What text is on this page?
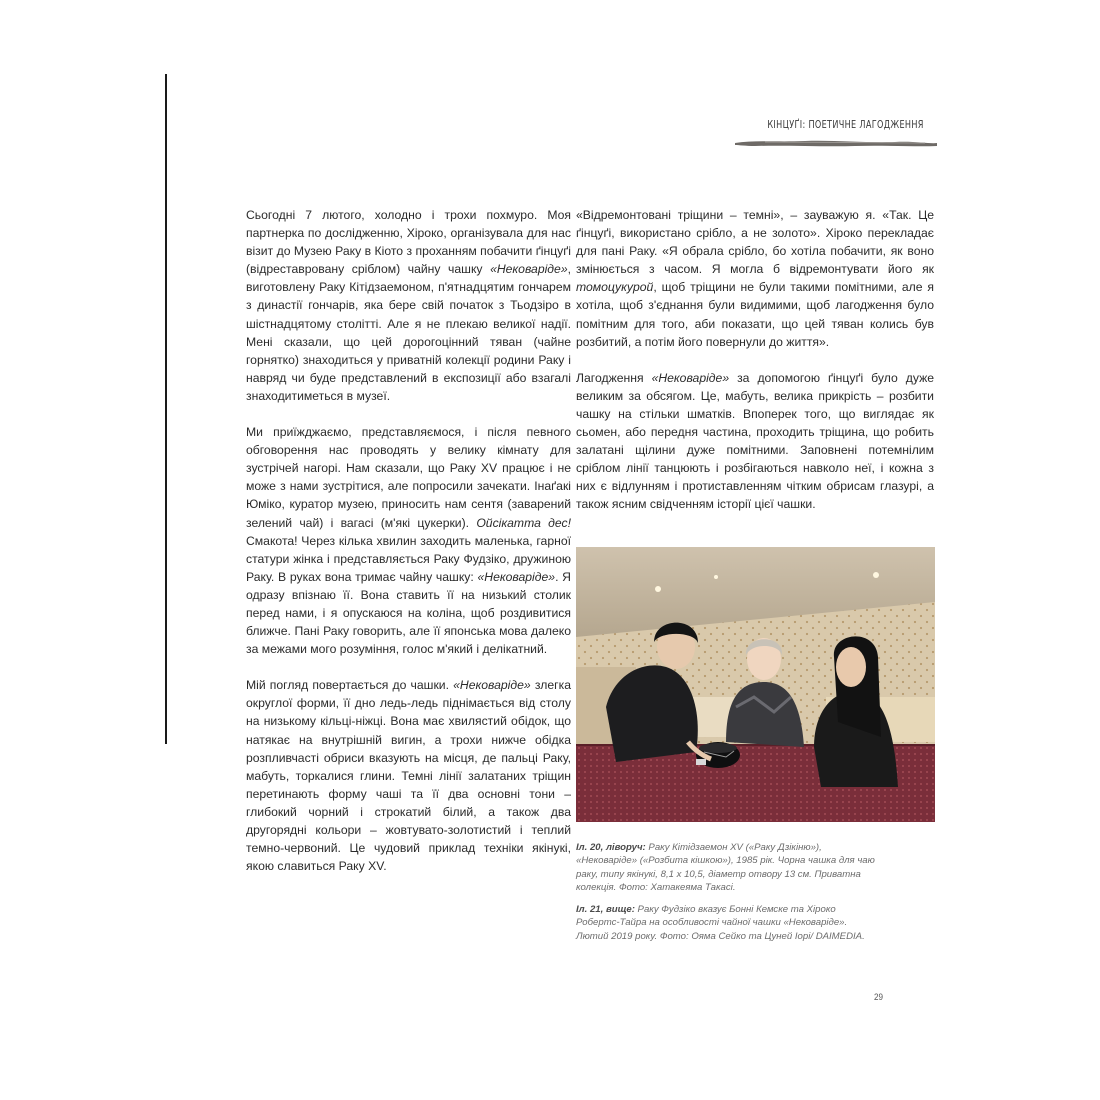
КІНЦУҐІ: ПОЕТИЧНЕ ЛАГОДЖЕННЯ

Сьогодні 7 лютого, холодно і трохи похмуро. Моя партнерка по дослідженню, Хіроко, організувала для нас візит до Музею Раку в Кіото з проханням побачити ґінцуґі (відреставровану сріблом) чайну чашку «Нековаріде», виготовлену Раку Кітідзаемоном, п'ятнадцятим гончарем з династії гончарів, яка бере свій початок з Тьодзіро в шістнадцятому столітті. Але я не плекаю великої надії. Мені сказали, що цей дорогоцінний тяван (чайне горнятко) знаходиться у приватній колекції родини Раку і навряд чи буде представлений в експозиції або взагалі знаходитиметься в музеї.

Ми приїжджаємо, представляємося, і після певного обговорення нас проводять у велику кімнату для зустрічей нагорі. Нам сказали, що Раку XV працює і не може з нами зустрітися, але попросили зачекати. Інаґакі Юміко, куратор музею, приносить нам сентя (заварений зелений чай) і вагасі (м'які цукерки). Ойсікатта дес! Смакота! Через кілька хвилин заходить маленька, гарної статури жінка і представляється Раку Фудзіко, дружиною Раку. В руках вона тримає чайну чашку: «Нековаріде». Я одразу впізнаю її. Вона ставить її на низький столик перед нами, і я опускаюся на коліна, щоб роздивитися ближче. Пані Раку говорить, але її японська мова далеко за межами мого розуміння, голос м'який і делікатний.

Мій погляд повертається до чашки. «Нековаріде» злегка округлої форми, її дно ледь-ледь піднімається від столу на низькому кільці-ніжці. Вона має хвилястий обідок, що натякає на внутрішній вигин, а трохи нижче обідка розпливчасті обриси вказують на місця, де пальці Раку, мабуть, торкалися глини. Темні лінії залатаних тріщин перетинають форму чаші та її два основні тони – глибокий чорний і строкатий білий, а також два другорядні кольори – жовтувато-золотистий і теплий темно-червоний. Це чудовий приклад техніки якінукі, якою славиться Раку XV.

«Відремонтовані тріщини – темні», – зауважую я. «Так. Це ґінцуґі, використано срібло, а не золото». Хіроко перекладає для пані Раку. «Я обрала срібло, бо хотіла побачити, як воно змінюється з часом. Я могла б відремонтувати його як томоцукурой, щоб тріщини не були такими помітними, але я хотіла, щоб з'єднання були видимими, щоб лагодження було помітним для того, аби показати, що цей тяван колись був розбитий, а потім його повернули до життя».

Лагодження «Нековаріде» за допомогою ґінцуґі було дуже великим за обсягом. Це, мабуть, велика прикрість – розбити чашку на стільки шматків. Впоперек того, що виглядає як сьомен, або передня частина, проходить тріщина, що робить залатані щілини дуже помітними. Заповнені потемнілим сріблом лінії танцюють і розбігаються навколо неї, і кожна з них є відлунням і протиставленням чітким обрисам глазурі, а також ясним свідченням історії цієї чашки.

Іл. 20, ліворуч: Раку Кітідзаемон XV («Раку Дзікіню»), «Нековаріде» («Розбита кішкою»), 1985 рік. Чорна чашка для чаю раку, типу якінукі, 8,1 х 10,5, діаметр отвору 13 см. Приватна колекція. Фото: Хатакеяма Такасі.
Іл. 21, вище: Раку Фудзіко вказує Бонні Кемске та Хіроко Робертс-Тайра на особливості чайної чашки «Нековаріде». Лютий 2019 року. Фото: Ояма Сейко та Цуней Іорі/ DAIMEDIA.
29
